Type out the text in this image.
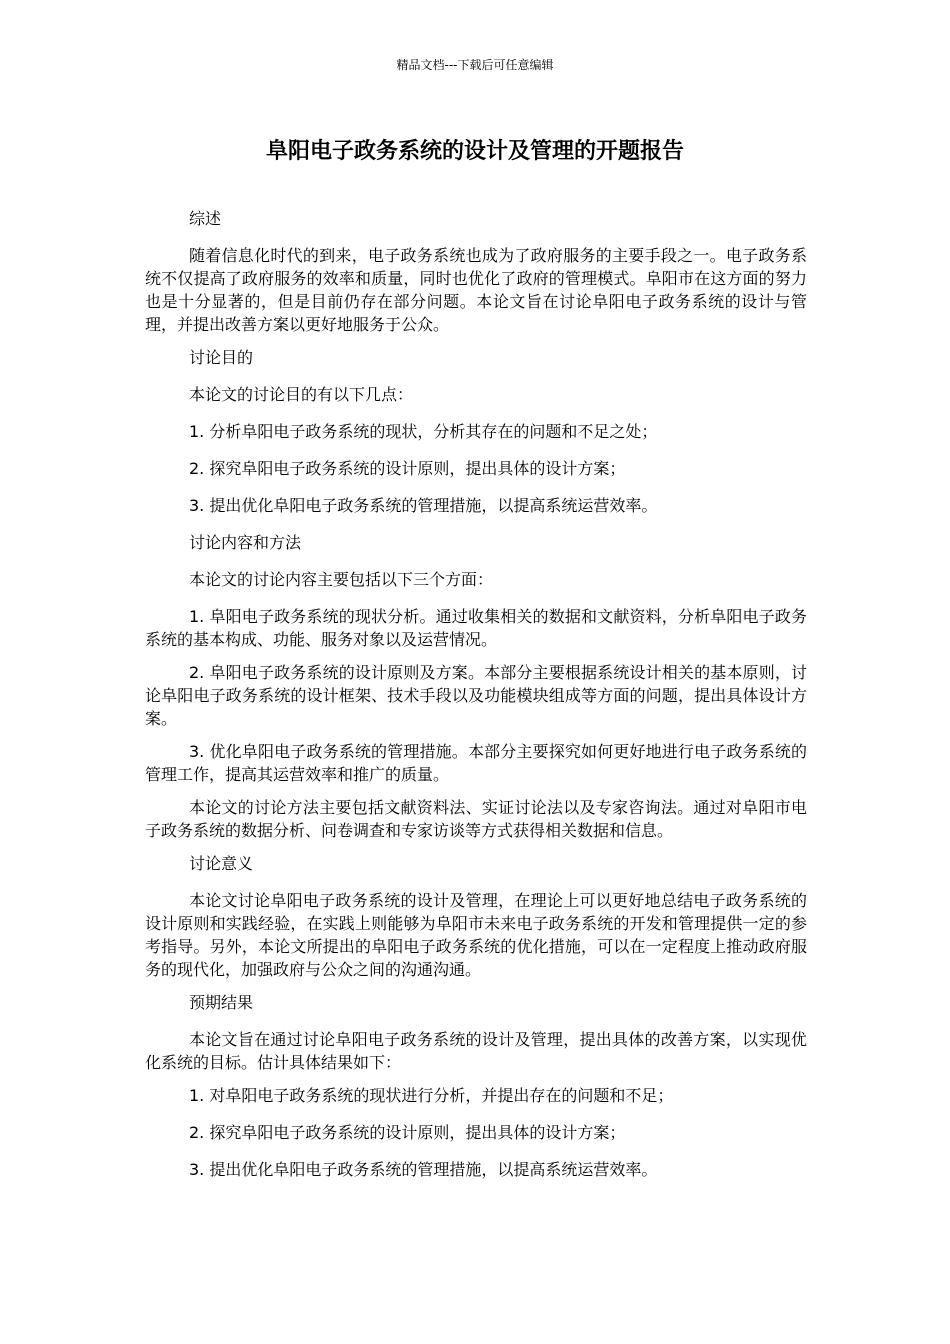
精品文档---下载后可任意编辑
阜阳电子政务系统的设计及管理的开题报告

综述

随着信息化时代的到来，电子政务系统也成为了政府服务的主要手段之一。电子政务系统不仅提高了政府服务的效率和质量，同时也优化了政府的管理模式。阜阳市在这方面的努力也是十分显著的，但是目前仍存在部分问题。本论文旨在讨论阜阳电子政务系统的设计与管理，并提出改善方案以更好地服务于公众。

讨论目的

本论文的讨论目的有以下几点：

1. 分析阜阳电子政务系统的现状，分析其存在的问题和不足之处；

2. 探究阜阳电子政务系统的设计原则，提出具体的设计方案；

3. 提出优化阜阳电子政务系统的管理措施，以提高系统运营效率。

讨论内容和方法

本论文的讨论内容主要包括以下三个方面：

1. 阜阳电子政务系统的现状分析。通过收集相关的数据和文献资料，分析阜阳电子政务系统的基本构成、功能、服务对象以及运营情况。

2. 阜阳电子政务系统的设计原则及方案。本部分主要根据系统设计相关的基本原则，讨论阜阳电子政务系统的设计框架、技术手段以及功能模块组成等方面的问题，提出具体设计方案。

3. 优化阜阳电子政务系统的管理措施。本部分主要探究如何更好地进行电子政务系统的管理工作，提高其运营效率和推广的质量。

本论文的讨论方法主要包括文献资料法、实证讨论法以及专家咨询法。通过对阜阳市电子政务系统的数据分析、问卷调查和专家访谈等方式获得相关数据和信息。

讨论意义

本论文讨论阜阳电子政务系统的设计及管理，在理论上可以更好地总结电子政务系统的设计原则和实践经验，在实践上则能够为阜阳市未来电子政务系统的开发和管理提供一定的参考指导。另外，本论文所提出的阜阳电子政务系统的优化措施，可以在一定程度上推动政府服务的现代化，加强政府与公众之间的沟通沟通。

预期结果

本论文旨在通过讨论阜阳电子政务系统的设计及管理，提出具体的改善方案，以实现优化系统的目标。估计具体结果如下：

1. 对阜阳电子政务系统的现状进行分析，并提出存在的问题和不足；

2. 探究阜阳电子政务系统的设计原则，提出具体的设计方案；

3. 提出优化阜阳电子政务系统的管理措施，以提高系统运营效率。
